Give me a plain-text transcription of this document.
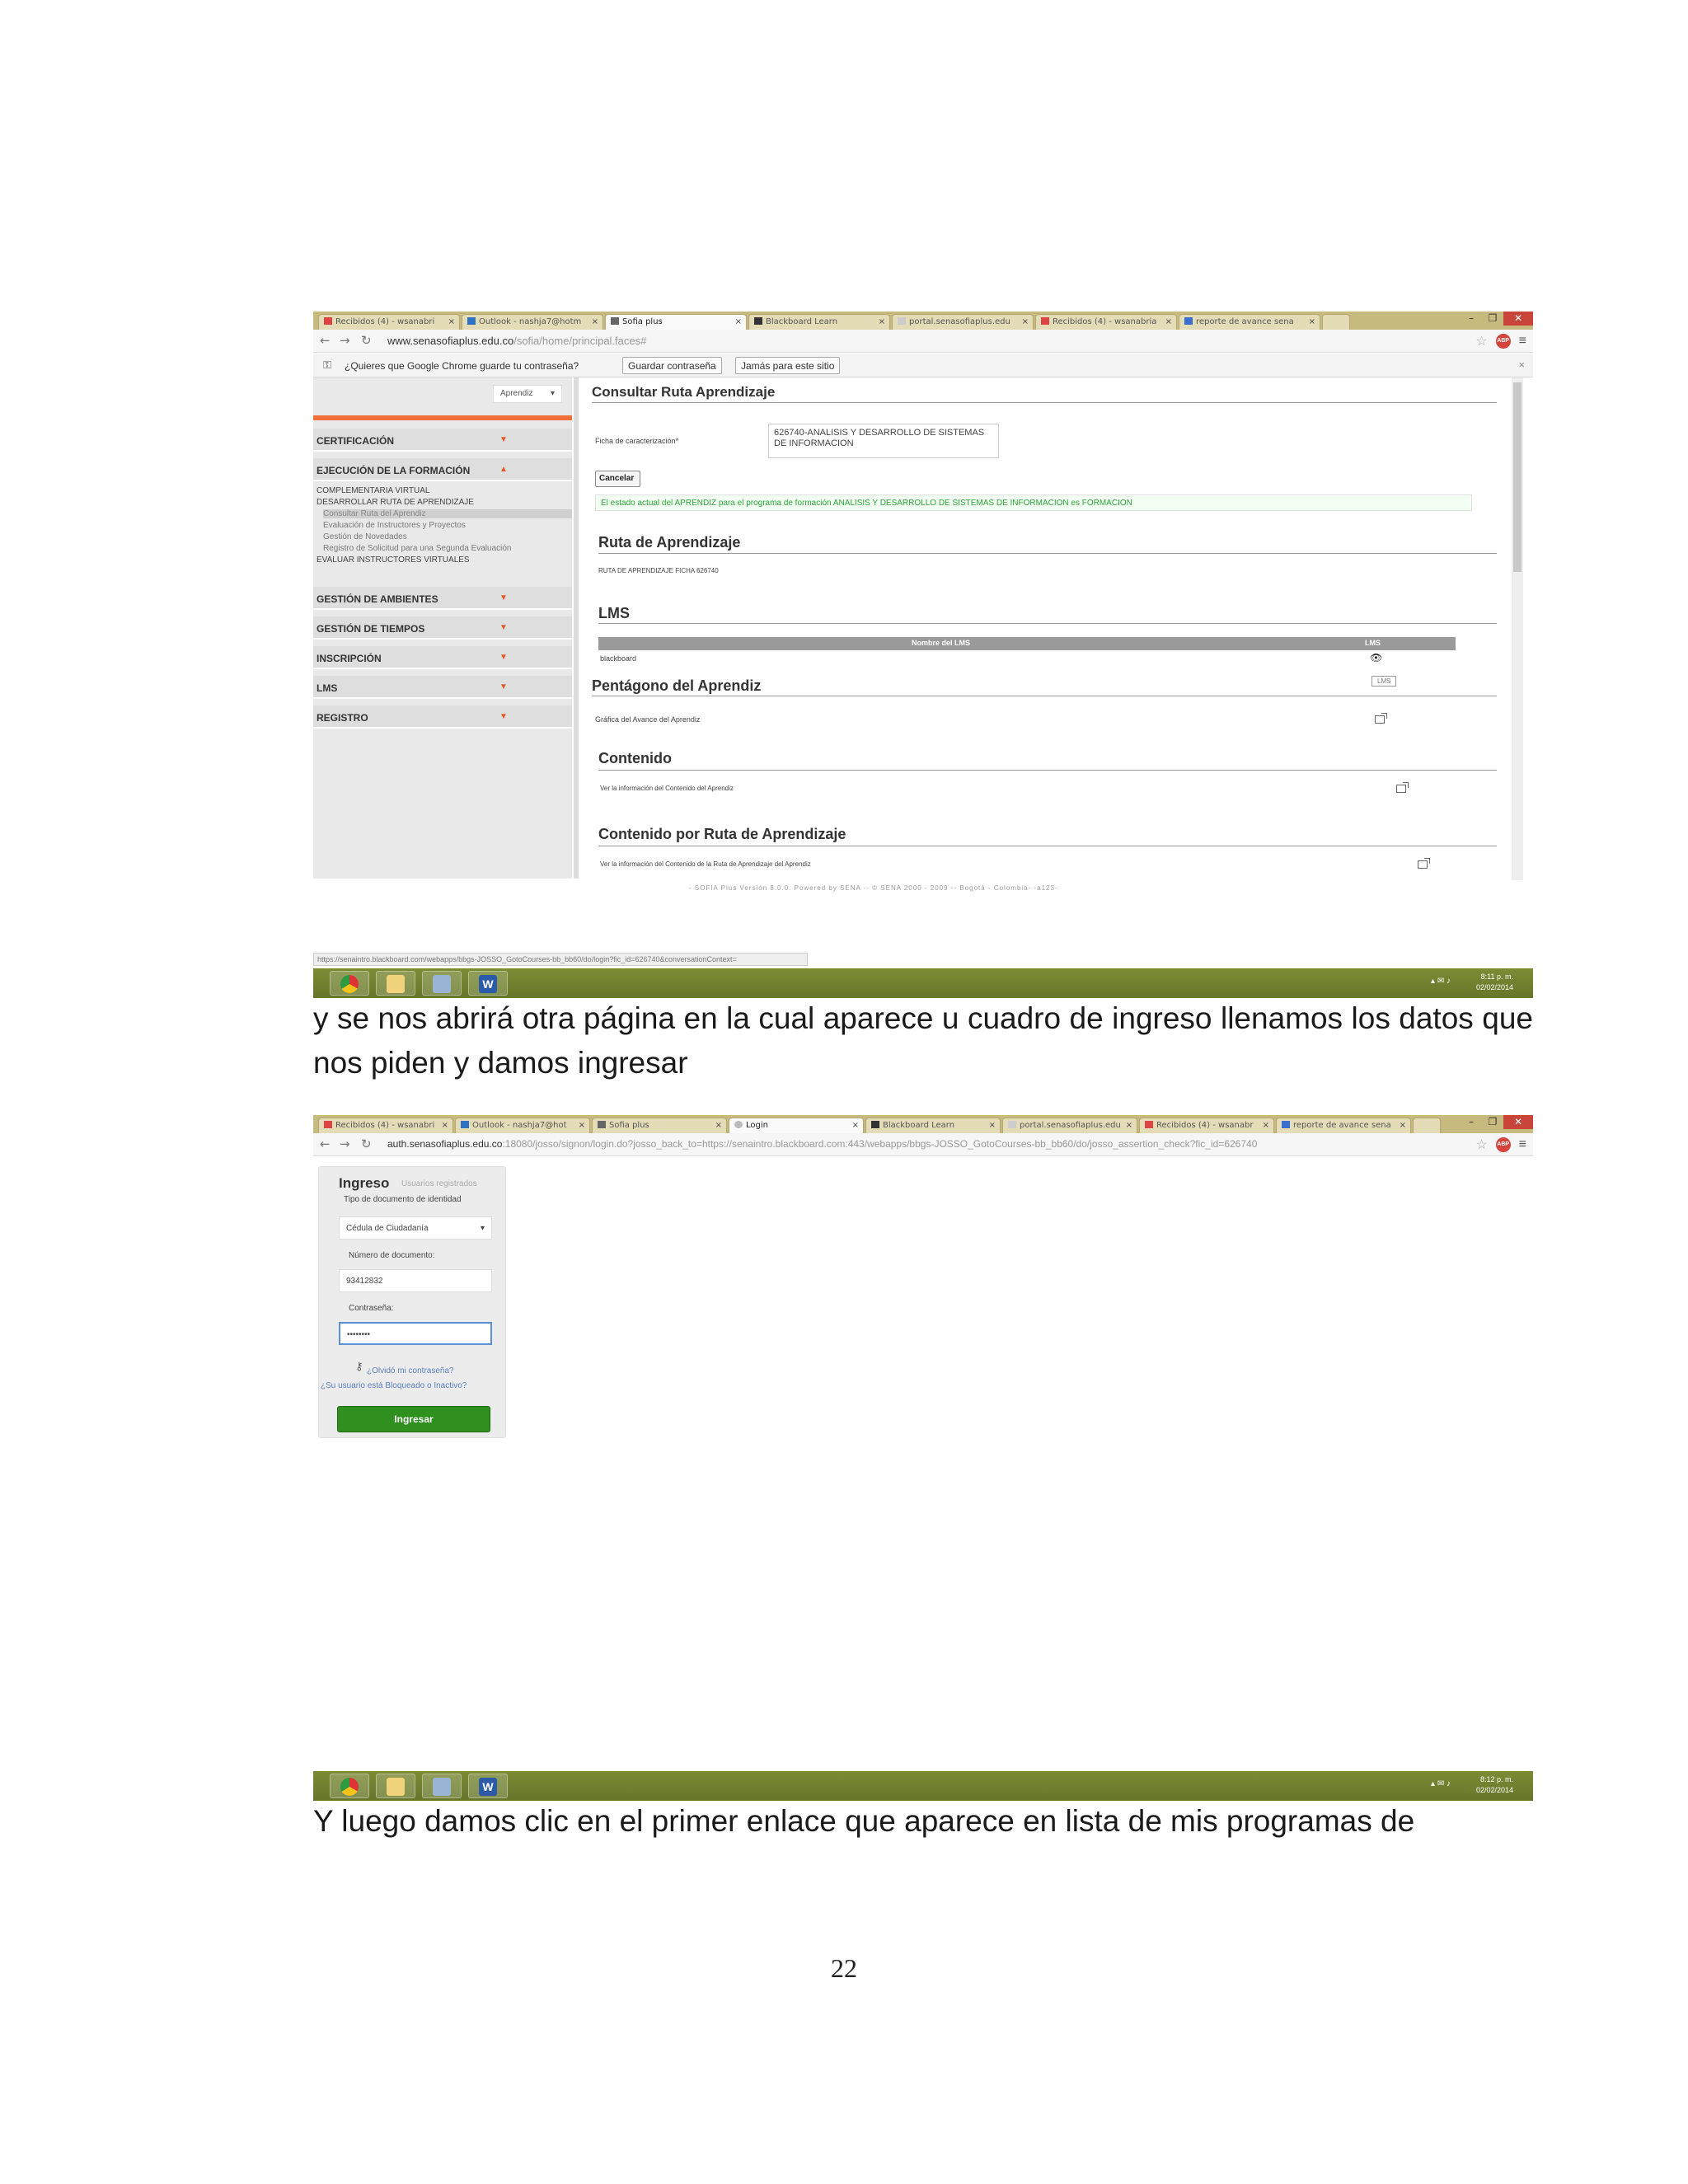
Recibidos (4) - wsanabri ×	Outlook - nashja7@hotm ×	Sofia plus	×	Blackboard Learn	×	portal.senasofiaplus.edu ×	Recibidos (4) - wsanabria ×	reporte de avance sena ×	–	❐	✕
← → ↻ www.senasofiaplus.edu.co/sofia/home/principal.faces#	☆ ABP ≡
⚿ ¿Quieres que Google Chrome guarde tu contraseña?	Guardar contraseña	Jamás para este sitio	×
Aprendiz ▾
CERTIFICACIÓN	▼
EJECUCIÓN DE LA FORMACIÓN	▲
COMPLEMENTARIA VIRTUAL
DESARROLLAR RUTA DE APRENDIZAJE
Consultar Ruta del Aprendiz
Evaluación de Instructores y Proyectos
Gestión de Novedades
Registro de Solicitud para una Segunda Evaluación
EVALUAR INSTRUCTORES VIRTUALES
GESTIÓN DE AMBIENTES	▼
GESTIÓN DE TIEMPOS	▼
INSCRIPCIÓN	▼
LMS	▼
REGISTRO	▼
Consultar Ruta Aprendizaje
Ficha de caracterización*
626740-ANALISIS Y DESARROLLO DE SISTEMAS DE INFORMACION
Cancelar
El estado actual del APRENDIZ para el programa de formación ANALISIS Y DESARROLLO DE SISTEMAS DE INFORMACION es FORMACION
Ruta de Aprendizaje
RUTA DE APRENDIZAJE FICHA 626740
LMS
Nombre del LMS	LMS
blackboard	👁
Pentágono del Aprendiz	LMS
Gráfica del Avance del Aprendiz
Contenido
Ver la información del Contenido del Aprendiz
Contenido por Ruta de Aprendizaje
Ver la información del Contenido de la Ruta de Aprendizaje del Aprendiz
- SOFIA Plus Versión 8.0.0. Powered by SENA -- © SENA 2000 - 2009 -- Bogotá - Colombia- -a123-
https://senaintro.blackboard.com/webapps/bbgs-JOSSO_GotoCourses-bb_bb60/do/login?fic_id=626740&conversationContext=
W	▴ ✉ ♪	8:11 p. m.
02/02/2014

y se nos abrirá otra página en la cual aparece u cuadro de ingreso llenamos los datos que nos piden y damos ingresar

Recibidos (4) - wsanabri ×	Outlook - nashja7@hot ×	Sofia plus	×	Login	×	Blackboard Learn	×	portal.senasofiaplus.edu ×	Recibidos (4) - wsanabr ×	reporte de avance sena ×	–	❐	✕
← → ↻ auth.senasofiaplus.edu.co:18080/josso/signon/login.do?josso_back_to=https://senaintro.blackboard.com:443/webapps/bbgs-JOSSO_GotoCourses-bb_bb60/do/josso_assertion_check?fic_id=626740	☆ ABP ≡
Ingreso Usuarios registrados
Tipo de documento de identidad
Cédula de Ciudadanía	▾
Número de documento:
93412832
Contraseña:
••••••••
⚷ ¿Olvidó mi contraseña?
¿Su usuario está Bloqueado o Inactivo?
Ingresar
W	▴ ✉ ♪	8:12 p. m.
02/02/2014

Y luego damos clic en el primer enlace que aparece en lista de mis programas de

22
